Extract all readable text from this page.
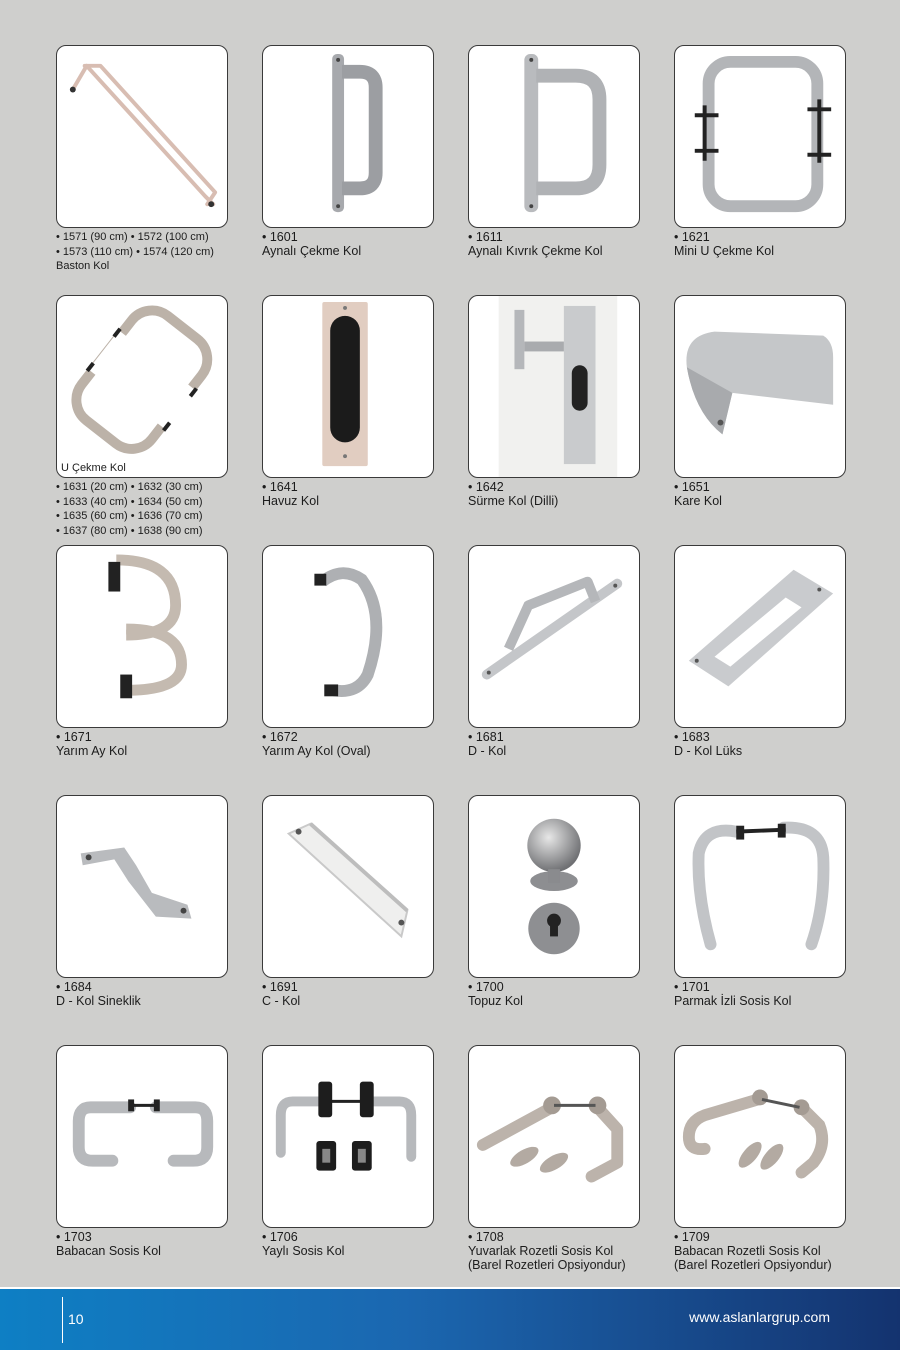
• 1571 (90 cm) • 1572 (100 cm)
• 1573 (110 cm) • 1574 (120 cm)
Baston Kol
• 1601
Aynalı Çekme Kol
• 1611
Aynalı Kıvrık Çekme Kol
• 1621
Mini U Çekme Kol
U Çekme Kol
• 1631 (20 cm) • 1632 (30 cm)
• 1633 (40 cm) • 1634 (50 cm)
• 1635 (60 cm) • 1636 (70 cm)
• 1637 (80 cm) • 1638 (90 cm)
• 1641
Havuz Kol
• 1642
Sürme Kol (Dilli)
• 1651
Kare Kol
• 1671
Yarım Ay Kol
• 1672
Yarım Ay Kol (Oval)
• 1681
D - Kol
• 1683
D - Kol Lüks
• 1684
D - Kol Sineklik
• 1691
C - Kol
• 1700
Topuz Kol
• 1701
Parmak İzli Sosis Kol
• 1703
Babacan Sosis Kol
• 1706
Yaylı Sosis Kol
• 1708
Yuvarlak Rozetli Sosis Kol
(Barel Rozetleri Opsiyondur)
• 1709
Babacan Rozetli Sosis Kol
(Barel Rozetleri Opsiyondur)
10	www.aslanlargrup.com
